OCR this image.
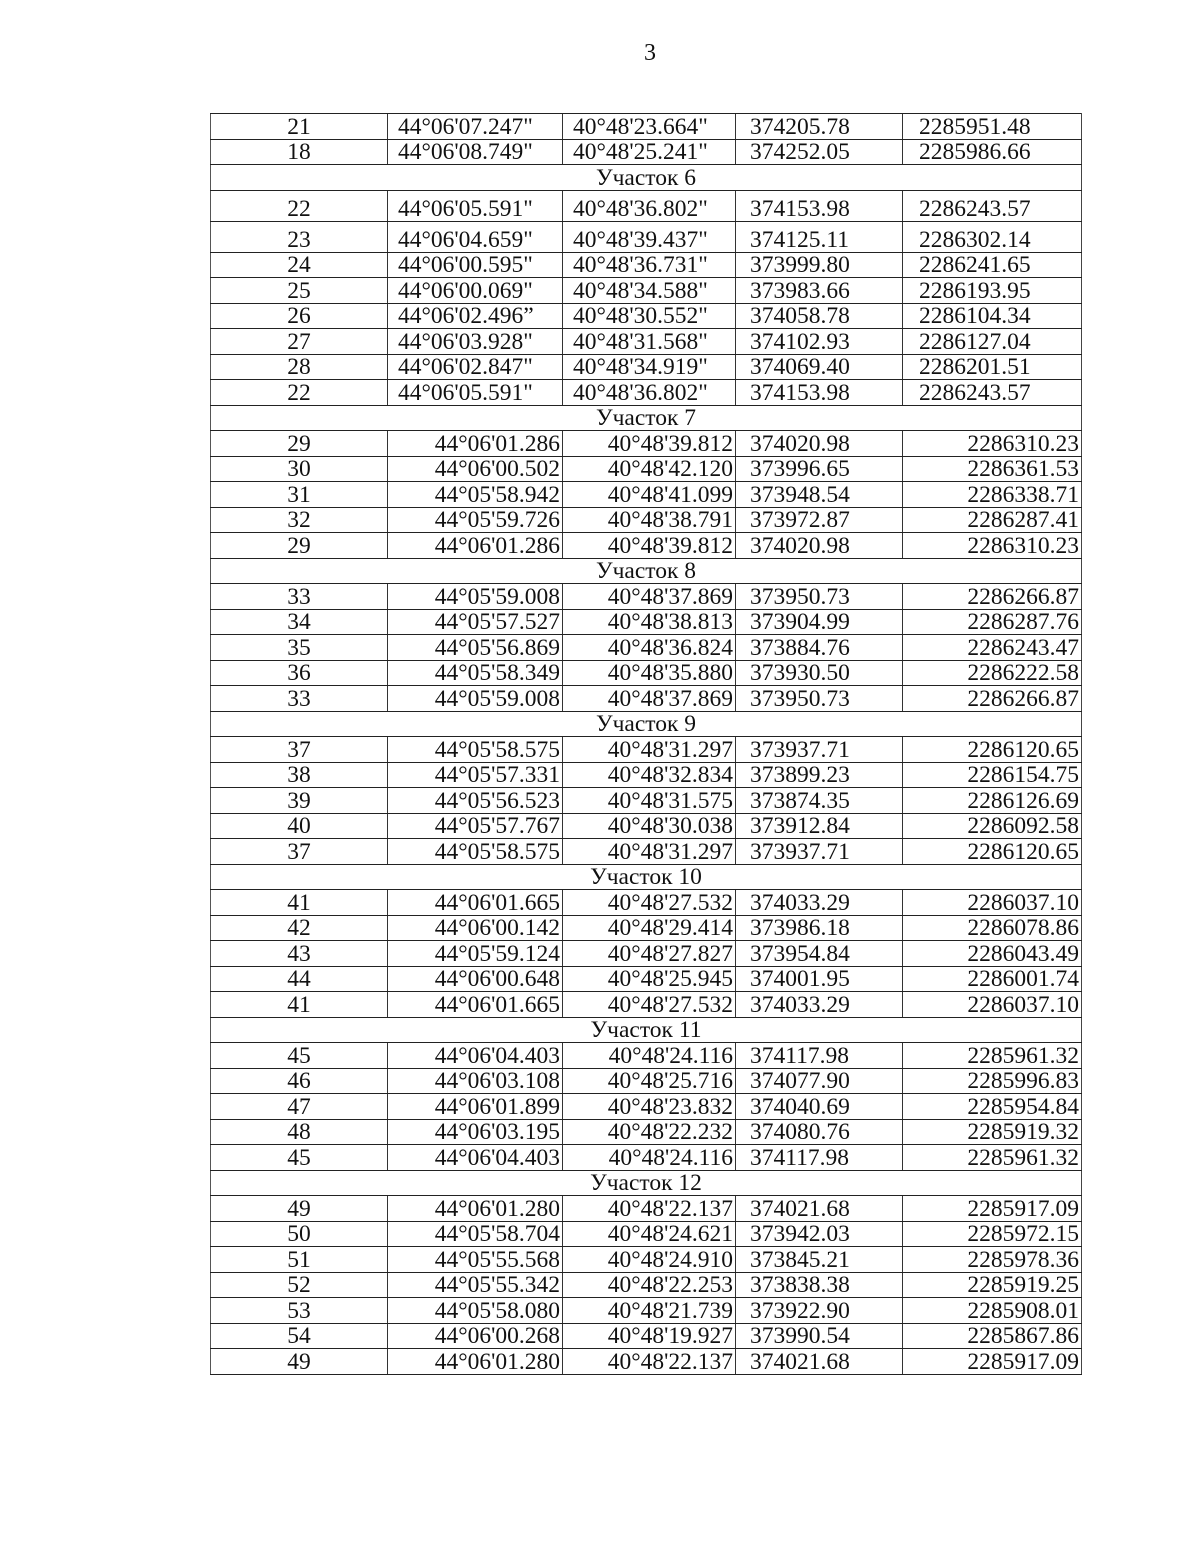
3
21	44°06'07.247"	40°48'23.664"	374205.78	2285951.48
18	44°06'08.749"	40°48'25.241"	374252.05	2285986.66
Участок 6				
22	44°06'05.591"	40°48'36.802"	374153.98	2286243.57
23	44°06'04.659"	40°48'39.437"	374125.11	2286302.14
24	44°06'00.595"	40°48'36.731"	373999.80	2286241.65
25	44°06'00.069"	40°48'34.588"	373983.66	2286193.95
26	44°06'02.496”	40°48'30.552"	374058.78	2286104.34
27	44°06'03.928"	40°48'31.568"	374102.93	2286127.04
28	44°06'02.847"	40°48'34.919"	374069.40	2286201.51
22	44°06'05.591"	40°48'36.802"	374153.98	2286243.57
Участок 7				
29	44°06'01.286	40°48'39.812	374020.98	2286310.23
30	44°06'00.502	40°48'42.120	373996.65	2286361.53
31	44°05'58.942	40°48'41.099	373948.54	2286338.71
32	44°05'59.726	40°48'38.791	373972.87	2286287.41
29	44°06'01.286	40°48'39.812	374020.98	2286310.23
Участок 8				
33	44°05'59.008	40°48'37.869	373950.73	2286266.87
34	44°05'57.527	40°48'38.813	373904.99	2286287.76
35	44°05'56.869	40°48'36.824	373884.76	2286243.47
36	44°05'58.349	40°48'35.880	373930.50	2286222.58
33	44°05'59.008	40°48'37.869	373950.73	2286266.87
Участок 9				
37	44°05'58.575	40°48'31.297	373937.71	2286120.65
38	44°05'57.331	40°48'32.834	373899.23	2286154.75
39	44°05'56.523	40°48'31.575	373874.35	2286126.69
40	44°05'57.767	40°48'30.038	373912.84	2286092.58
37	44°05'58.575	40°48'31.297	373937.71	2286120.65
Участок 10				
41	44°06'01.665	40°48'27.532	374033.29	2286037.10
42	44°06'00.142	40°48'29.414	373986.18	2286078.86
43	44°05'59.124	40°48'27.827	373954.84	2286043.49
44	44°06'00.648	40°48'25.945	374001.95	2286001.74
41	44°06'01.665	40°48'27.532	374033.29	2286037.10
Участок 11				
45	44°06'04.403	40°48'24.116	374117.98	2285961.32
46	44°06'03.108	40°48'25.716	374077.90	2285996.83
47	44°06'01.899	40°48'23.832	374040.69	2285954.84
48	44°06'03.195	40°48'22.232	374080.76	2285919.32
45	44°06'04.403	40°48'24.116	374117.98	2285961.32
Участок 12				
49	44°06'01.280	40°48'22.137	374021.68	2285917.09
50	44°05'58.704	40°48'24.621	373942.03	2285972.15
51	44°05'55.568	40°48'24.910	373845.21	2285978.36
52	44°05'55.342	40°48'22.253	373838.38	2285919.25
53	44°05'58.080	40°48'21.739	373922.90	2285908.01
54	44°06'00.268	40°48'19.927	373990.54	2285867.86
49	44°06'01.280	40°48'22.137	374021.68	2285917.09
